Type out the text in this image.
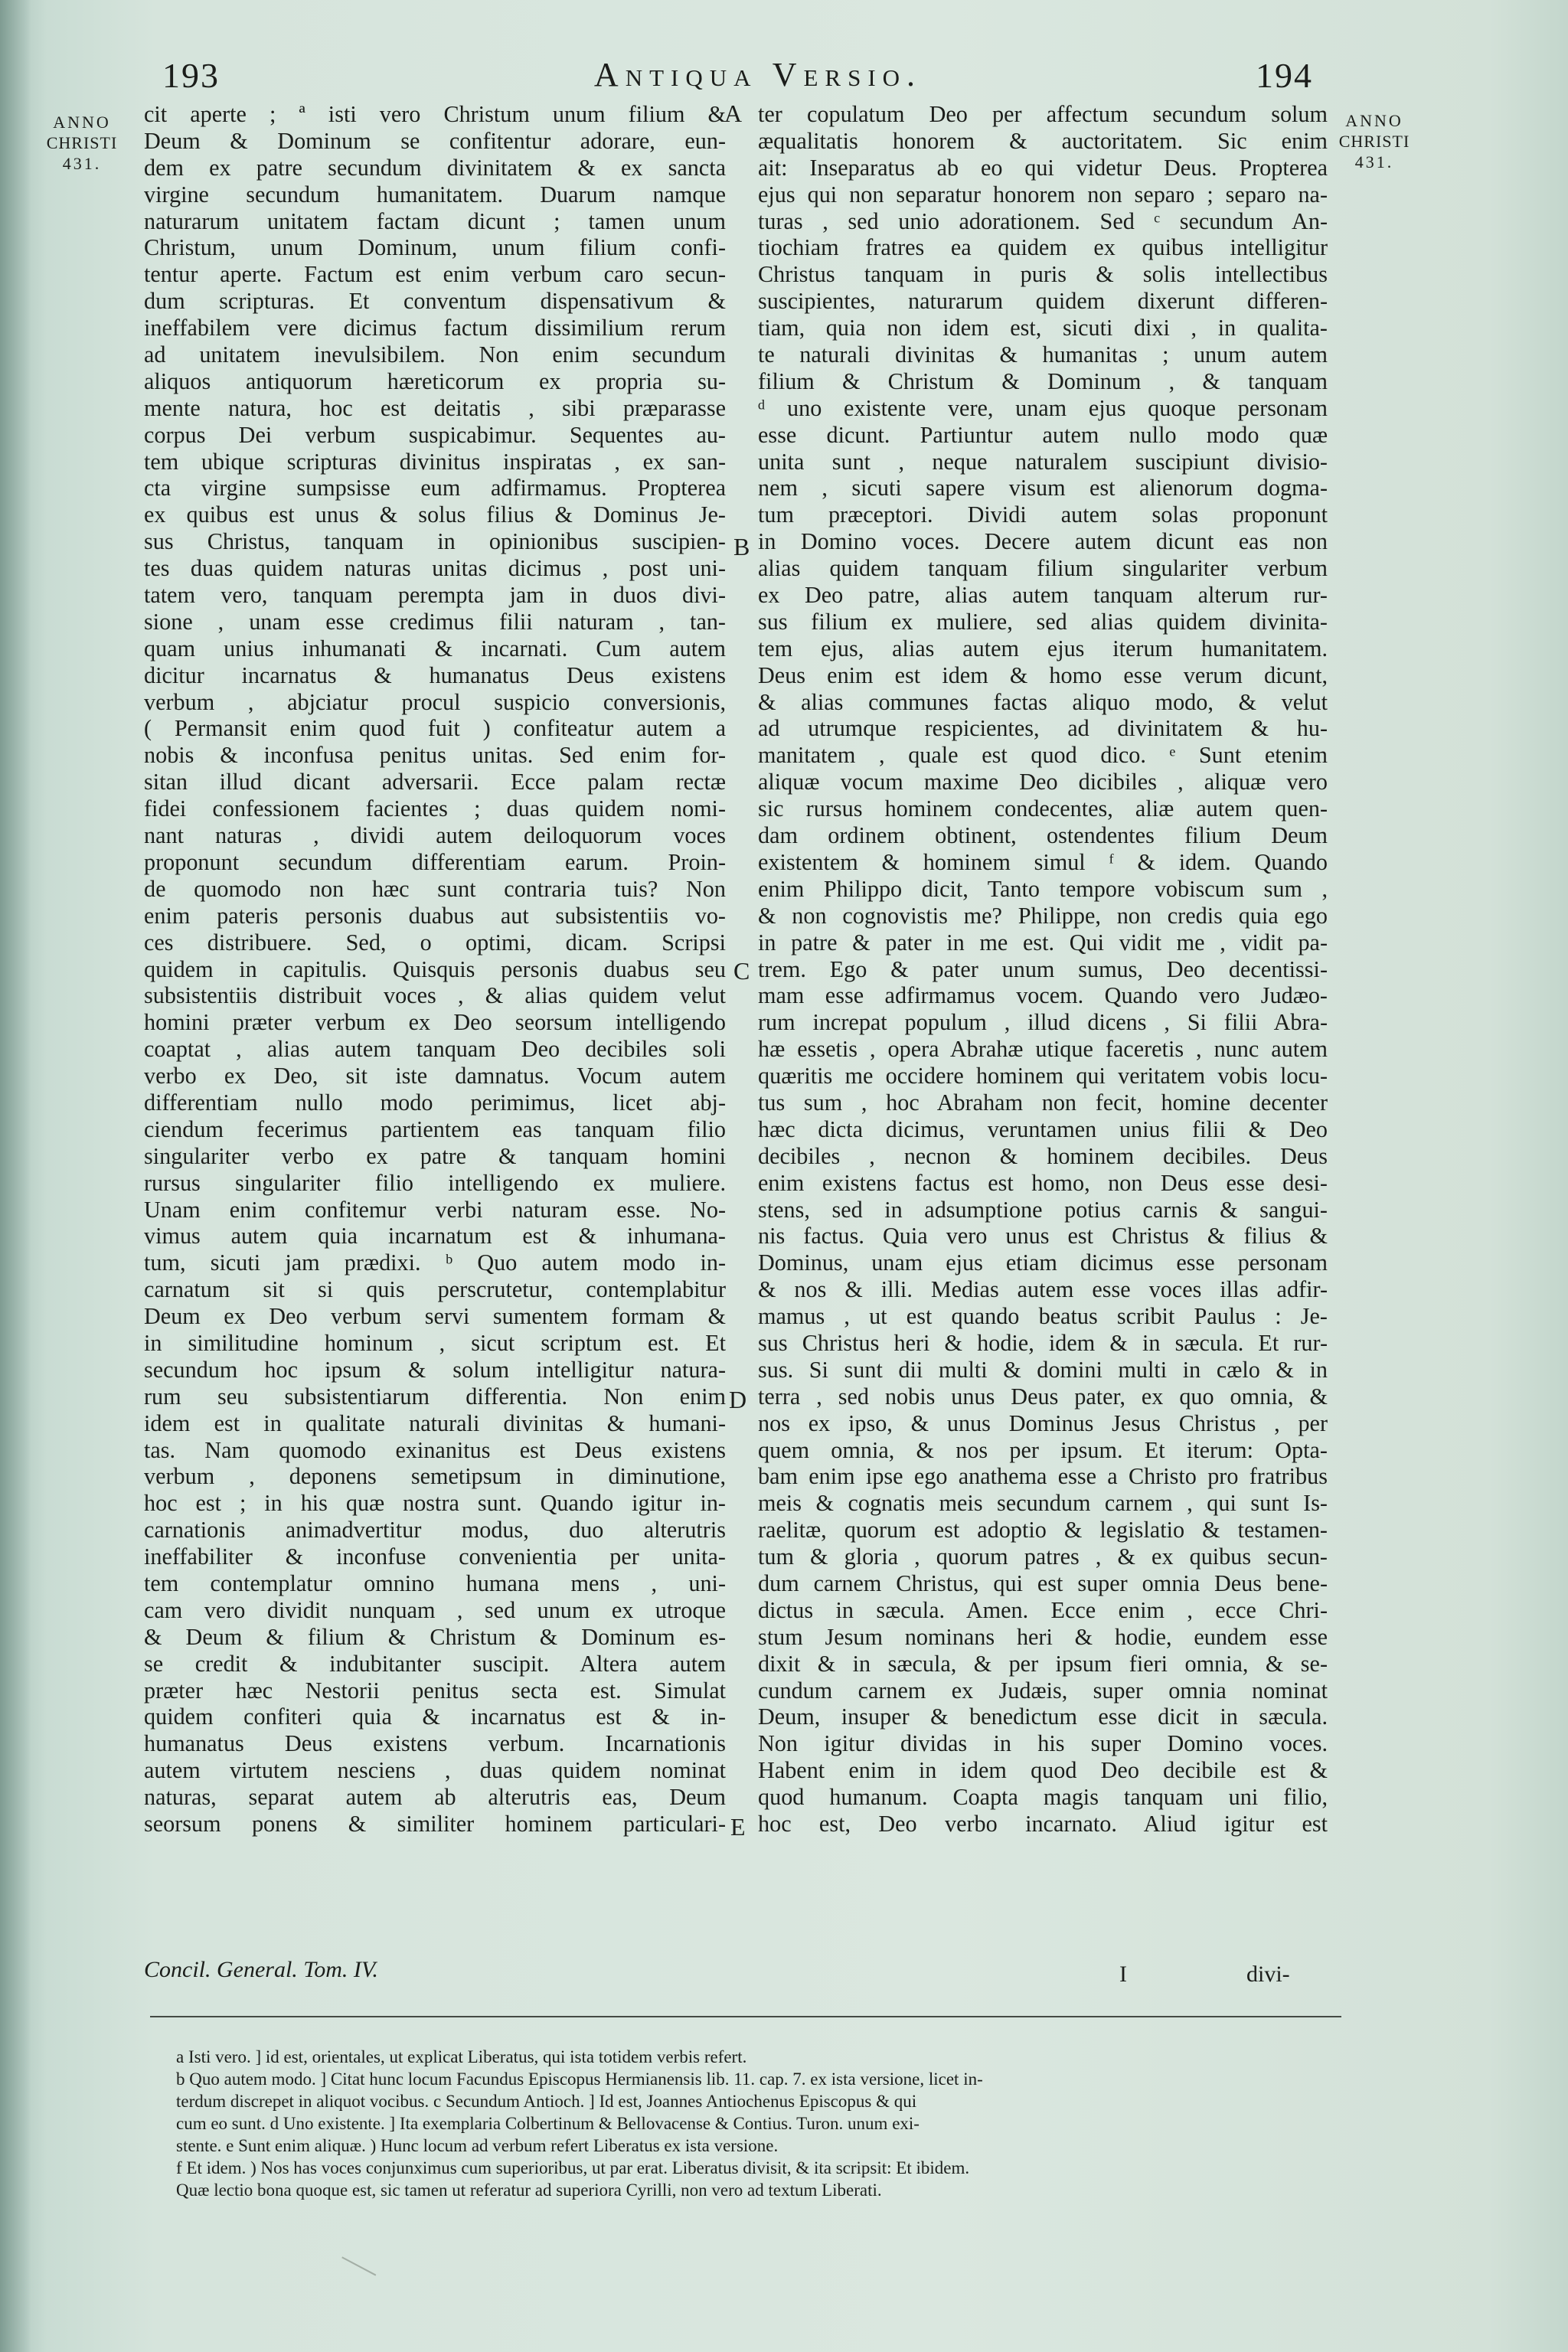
193	Antiqua Versio.	194
ANNO
CHRISTI
431.
ANNO
CHRISTI
431.
A
B
C
D
E
cit aperte ; ª isti vero Christum unum filium &
Deum & Dominum se confitentur adorare, eun-
dem ex patre secundum divinitatem & ex sancta
virgine secundum humanitatem. Duarum namque
naturarum unitatem factam dicunt ; tamen unum
Christum, unum Dominum, unum filium confi-
tentur aperte. Factum est enim verbum caro secun-
dum scripturas. Et conventum dispensativum &
ineffabilem vere dicimus factum dissimilium rerum
ad unitatem inevulsibilem. Non enim secundum
aliquos antiquorum hæreticorum ex propria su-
mente natura, hoc est deitatis , sibi præparasse
corpus Dei verbum suspicabimur. Sequentes au-
tem ubique scripturas divinitus inspiratas , ex san-
cta virgine sumpsisse eum adfirmamus. Propterea
ex quibus est unus & solus filius & Dominus Je-
sus Christus, tanquam in opinionibus suscipien-
tes duas quidem naturas unitas dicimus , post uni-
tatem vero, tanquam perempta jam in duos divi-
sione , unam esse credimus filii naturam , tan-
quam unius inhumanati & incarnati. Cum autem
dicitur incarnatus & humanatus Deus existens
verbum , abjciatur procul suspicio conversionis,
( Permansit enim quod fuit ) confiteatur autem a
nobis & inconfusa penitus unitas. Sed enim for-
sitan illud dicant adversarii. Ecce palam rectæ
fidei confessionem facientes ; duas quidem nomi-
nant naturas , dividi autem deiloquorum voces
proponunt secundum differentiam earum. Proin-
de quomodo non hæc sunt contraria tuis? Non
enim pateris personis duabus aut subsistentiis vo-
ces distribuere. Sed, o optimi, dicam. Scripsi
quidem in capitulis. Quisquis personis duabus seu
subsistentiis distribuit voces , & alias quidem velut
homini præter verbum ex Deo seorsum intelligendo
coaptat , alias autem tanquam Deo decibiles soli
verbo ex Deo, sit iste damnatus. Vocum autem
differentiam nullo modo perimimus, licet abj-
ciendum fecerimus partientem eas tanquam filio
singulariter verbo ex patre & tanquam homini
rursus singulariter filio intelligendo ex muliere.
Unam enim confitemur verbi naturam esse. No-
vimus autem quia incarnatum est & inhumana-
tum, sicuti jam prædixi. ᵇ Quo autem modo in-
carnatum sit si quis perscrutetur, contemplabitur
Deum ex Deo verbum servi sumentem formam &
in similitudine hominum , sicut scriptum est. Et
secundum hoc ipsum & solum intelligitur natura-
rum seu subsistentiarum differentia. Non enim
idem est in qualitate naturali divinitas & humani-
tas. Nam quomodo exinanitus est Deus existens
verbum , deponens semetipsum in diminutione,
hoc est ; in his quæ nostra sunt. Quando igitur in-
carnationis animadvertitur modus, duo alterutris
ineffabiliter & inconfuse convenientia per unita-
tem contemplatur omnino humana mens , uni-
cam vero dividit nunquam , sed unum ex utroque
& Deum & filium & Christum & Dominum es-
se credit & indubitanter suscipit. Altera autem
præter hæc Nestorii penitus secta est. Simulat
quidem confiteri quia & incarnatus est & in-
humanatus Deus existens verbum. Incarnationis
autem virtutem nesciens , duas quidem nominat
naturas, separat autem ab alterutris eas, Deum
seorsum ponens & similiter hominem particulari-
ter copulatum Deo per affectum secundum solum
æqualitatis honorem & auctoritatem. Sic enim
ait: Inseparatus ab eo qui videtur Deus. Propterea
ejus qui non separatur honorem non separo ; separo na-
turas , sed unio adorationem. Sed ᶜ secundum An-
tiochiam fratres ea quidem ex quibus intelligitur
Christus tanquam in puris & solis intellectibus
suscipientes, naturarum quidem dixerunt differen-
tiam, quia non idem est, sicuti dixi , in qualita-
te naturali divinitas & humanitas ; unum autem
filium & Christum & Dominum , & tanquam
ᵈ uno existente vere, unam ejus quoque personam
esse dicunt. Partiuntur autem nullo modo quæ
unita sunt , neque naturalem suscipiunt divisio-
nem , sicuti sapere visum est alienorum dogma-
tum præceptori. Dividi autem solas proponunt
in Domino voces. Decere autem dicunt eas non
alias quidem tanquam filium singulariter verbum
ex Deo patre, alias autem tanquam alterum rur-
sus filium ex muliere, sed alias quidem divinita-
tem ejus, alias autem ejus iterum humanitatem.
Deus enim est idem & homo esse verum dicunt,
& alias communes factas aliquo modo, & velut
ad utrumque respicientes, ad divinitatem & hu-
manitatem , quale est quod dico. ᵉ Sunt etenim
aliquæ vocum maxime Deo dicibiles , aliquæ vero
sic rursus hominem condecentes, aliæ autem quen-
dam ordinem obtinent, ostendentes filium Deum
existentem & hominem simul ᶠ & idem. Quando
enim Philippo dicit, Tanto tempore vobiscum sum ,
& non cognovistis me? Philippe, non credis quia ego
in patre & pater in me est. Qui vidit me , vidit pa-
trem. Ego & pater unum sumus, Deo decentissi-
mam esse adfirmamus vocem. Quando vero Judæo-
rum increpat populum , illud dicens , Si filii Abra-
hæ essetis , opera Abrahæ utique faceretis , nunc autem
quæritis me occidere hominem qui veritatem vobis locu-
tus sum , hoc Abraham non fecit, homine decenter
hæc dicta dicimus, veruntamen unius filii & Deo
decibiles , necnon & hominem decibiles. Deus
enim existens factus est homo, non Deus esse desi-
stens, sed in adsumptione potius carnis & sangui-
nis factus. Quia vero unus est Christus & filius &
Dominus, unam ejus etiam dicimus esse personam
& nos & illi. Medias autem esse voces illas adfir-
mamus , ut est quando beatus scribit Paulus : Je-
sus Christus heri & hodie, idem & in sæcula. Et rur-
sus. Si sunt dii multi & domini multi in cælo & in
terra , sed nobis unus Deus pater, ex quo omnia, &
nos ex ipso, & unus Dominus Jesus Christus , per
quem omnia, & nos per ipsum. Et iterum: Opta-
bam enim ipse ego anathema esse a Christo pro fratribus
meis & cognatis meis secundum carnem , qui sunt Is-
raelitæ, quorum est adoptio & legislatio & testamen-
tum & gloria , quorum patres , & ex quibus secun-
dum carnem Christus, qui est super omnia Deus bene-
dictus in sæcula. Amen. Ecce enim , ecce Chri-
stum Jesum nominans heri & hodie, eundem esse
dixit & in sæcula, & per ipsum fieri omnia, & se-
cundum carnem ex Judæis, super omnia nominat
Deum, insuper & benedictum esse dicit in sæcula.
Non igitur dividas in his super Domino voces.
Habent enim in idem quod Deo decibile est &
quod humanum. Coapta magis tanquam uni filio,
hoc est, Deo verbo incarnato. Aliud igitur est
Concil. General. Tom. IV.	I	divi-
a Isti vero. ] id est, orientales, ut explicat Liberatus, qui ista totidem verbis refert.
b Quo autem modo. ] Citat hunc locum Facundus Episcopus Hermianensis lib. 11. cap. 7. ex ista versione, licet in-
terdum discrepet in aliquot vocibus. c Secundum Antioch. ] Id est, Joannes Antiochenus Episcopus & qui
cum eo sunt. d Uno existente. ] Ita exemplaria Colbertinum & Bellovacense & Contius. Turon. unum exi-
stente. e Sunt enim aliquæ. ) Hunc locum ad verbum refert Liberatus ex ista versione.
f Et idem. ) Nos has voces conjunximus cum superioribus, ut par erat. Liberatus divisit, & ita scripsit: Et ibidem.
Quæ lectio bona quoque est, sic tamen ut referatur ad superiora Cyrilli, non vero ad textum Liberati.
